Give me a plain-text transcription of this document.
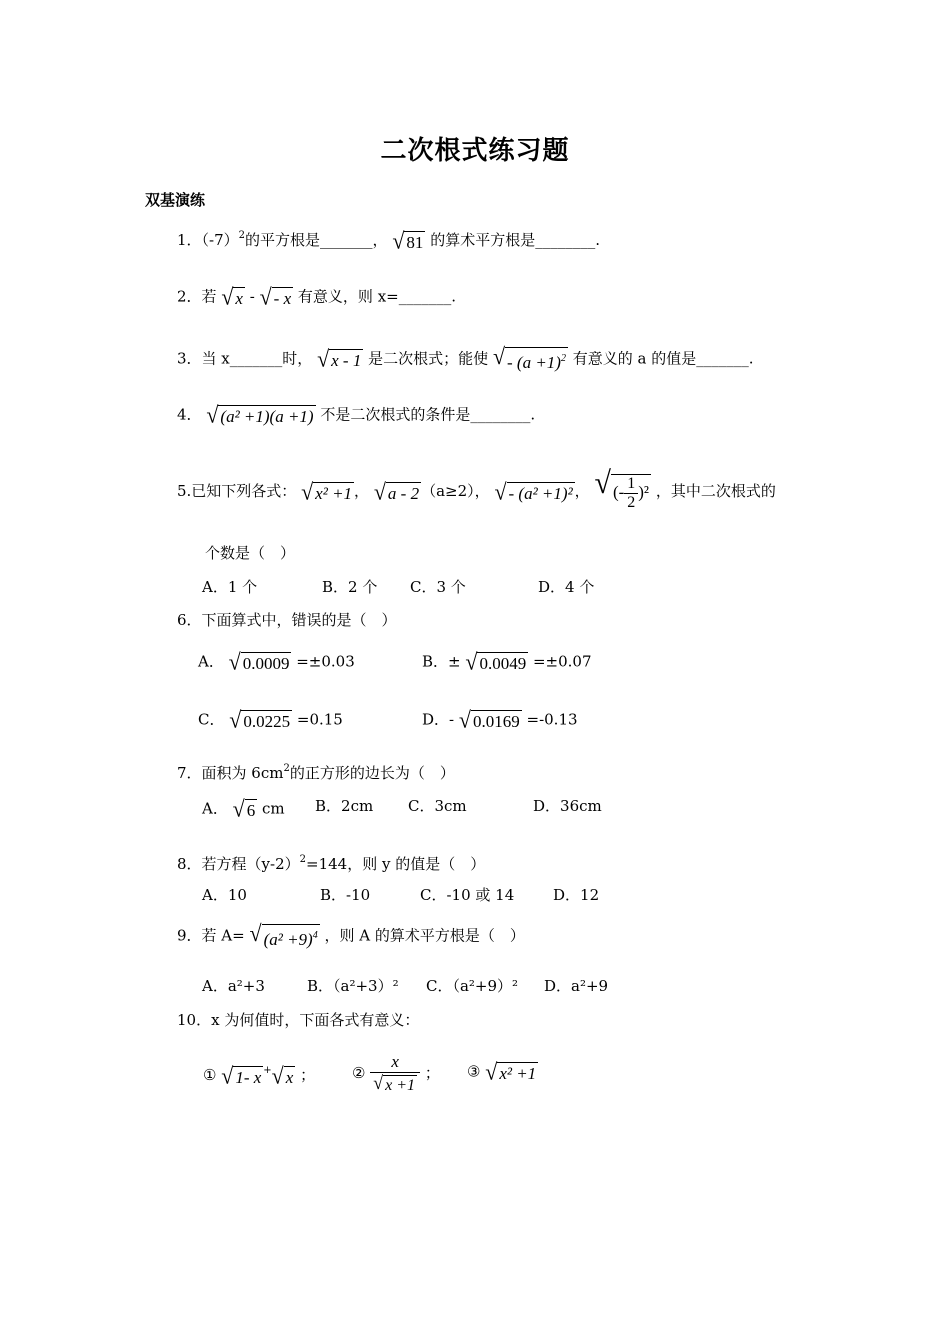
二次根式练习题
双基演练
1．$(-7)^2$的平方根是_______， √ 81 的算术平方根是________.
2．若 √ x - √ - x 有意义，则 x=_______.
3．当 x_______时， √ x - 1 是二次根式；能使 √ - $(a +1)^2$ 有意义的 a 的值是_______.
4． √ (a² +1)(a +1) 不是二次根式的条件是________.
5.已知下列各式： √ x² +1 ， √ a - 2 （a≥2）， √ - (a² +1)² ， √ (- $\frac{1}{2} )^2$ ，其中二次根式的
个数是（　）
A．1 个	B．2 个 C．3 个	D．4 个
6．下面算式中，错误的是（　）
A． √ 0.0009 =±0.03	B．± √ 0.0049 =±0.07
C． √ 0.0225 =0.15	D．- √ 0.0169 =-0.13
7．面积为 $6cm^2$的正方形的边长为（　）
A． √ 6 cm B．2cm C．3cm	D．36cm
8．若方程$(y-2)^2=144$，则 y 的值是（　）
A．10	B．-10	C．-10 或 14	D．12
9．若 A= √ $(a^2 +9)^4$ ，则 A 的算术平方根是（　）
A．a²+3	B．（a²+3）² C．（a²+9）² D．a²+9
10．x 为何值时，下面各式有意义：
① √ 1- x + √ x ； ② $\frac{x}{√ x +1}$ ； ③ √ x² +1
